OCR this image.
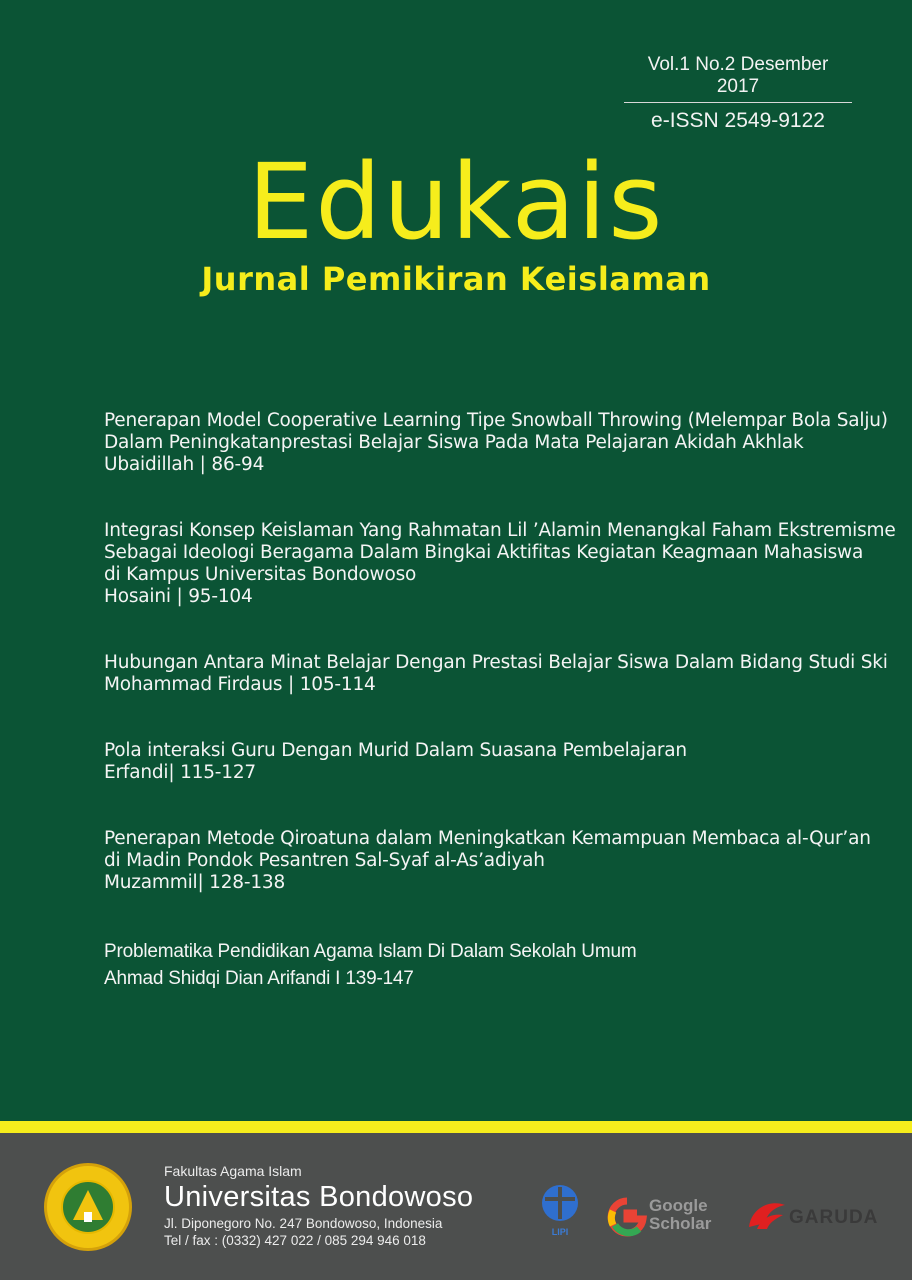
Vol.1 No.2 Desember 2017
e-ISSN 2549-9122
Edukais
Jurnal Pemikiran Keislaman
Penerapan Model Cooperative Learning Tipe Snowball Throwing (Melempar Bola Salju)
Dalam Peningkatanprestasi Belajar Siswa Pada Mata Pelajaran Akidah Akhlak
Ubaidillah | 86-94
Integrasi Konsep Keislaman Yang Rahmatan Lil ’Alamin Menangkal Faham Ekstremisme
Sebagai Ideologi Beragama Dalam Bingkai Aktifitas Kegiatan Keagmaan Mahasiswa
di Kampus Universitas Bondowoso
Hosaini | 95-104
Hubungan Antara Minat Belajar Dengan Prestasi Belajar Siswa Dalam Bidang Studi Ski
Mohammad Firdaus | 105-114
Pola interaksi Guru Dengan Murid Dalam Suasana Pembelajaran
Erfandi| 115-127
Penerapan Metode Qiroatuna dalam Meningkatkan Kemampuan Membaca al-Qur’an
di Madin Pondok Pesantren Sal-Syaf al-As’adiyah
Muzammil| 128-138
Problematika Pendidikan Agama Islam Di Dalam Sekolah Umum
Ahmad Shidqi Dian Arifandi I 139-147
Fakultas Agama Islam
Universitas Bondowoso
Jl. Diponegoro No. 247 Bondowoso, Indonesia
Tel / fax : (0332) 427 022 / 085 294 946 018
LIPI
Google
Scholar	GARUDA
